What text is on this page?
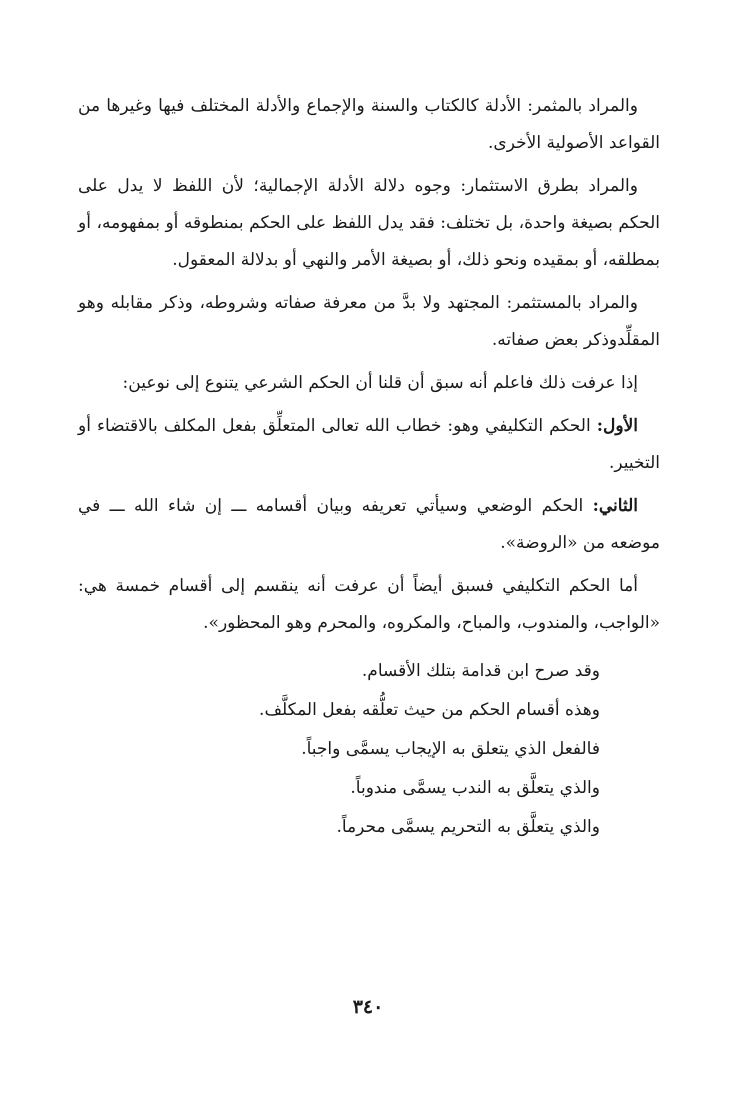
والمراد بالمثمر: الأدلة كالكتاب والسنة والإجماع والأدلة المختلف فيها وغيرها من القواعد الأصولية الأخرى.

والمراد بطرق الاستثمار: وجوه دلالة الأدلة الإجمالية؛ لأن اللفظ لا يدل على الحكم بصيغة واحدة، بل تختلف: فقد يدل اللفظ على الحكم بمنطوقه أو بمفهومه، أو بمطلقه، أو بمقيده ونحو ذلك، أو بصيغة الأمر والنهي أو بدلالة المعقول.

والمراد بالمستثمر: المجتهد ولا بدَّ من معرفة صفاته وشروطه، وذكر مقابله وهو المقلِّدوذكر بعض صفاته.

إذا عرفت ذلك فاعلم أنه سبق أن قلنا أن الحكم الشرعي يتنوع إلى نوعين:

الأول: الحكم التكليفي وهو: خطاب الله تعالى المتعلِّق بفعل المكلف بالاقتضاء أو التخيير.

الثاني: الحكم الوضعي وسيأتي تعريفه وبيان أقسامه ـــ إن شاء الله ـــ في موضعه من «الروضة».

أما الحكم التكليفي فسبق أيضاً أن عرفت أنه ينقسم إلى أقسام خمسة هي: «الواجب، والمندوب، والمباح، والمكروه، والمحرم وهو المحظور».

وقد صرح ابن قدامة بتلك الأقسام.
وهذه أقسام الحكم من حيث تعلُّقه بفعل المكلَّف.
فالفعل الذي يتعلق به الإيجاب يسمَّى واجباً.
والذي يتعلَّق به الندب يسمَّى مندوباً.
والذي يتعلَّق به التحريم يسمَّى محرماً.
٣٤٠
